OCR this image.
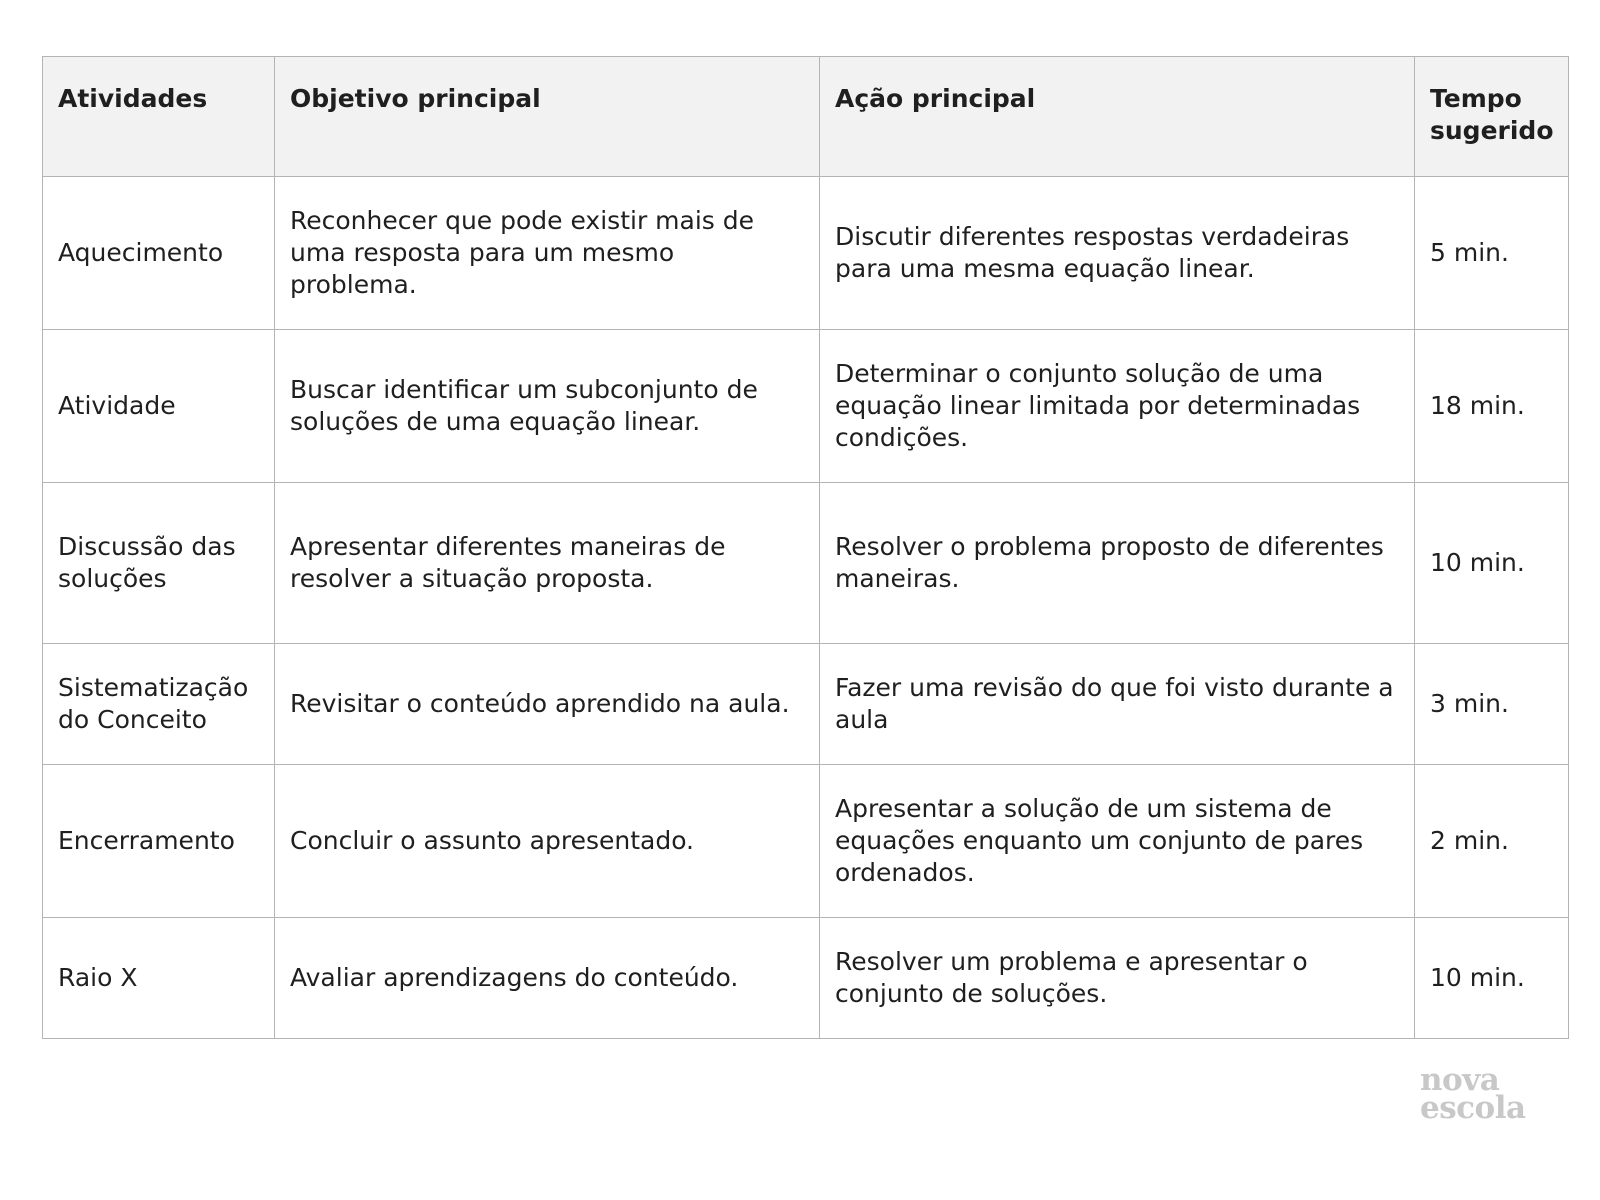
Atividades	Objetivo principal	Ação principal	Tempo sugerido
Aquecimento	Reconhecer que pode existir mais de uma resposta para um mesmo problema.	Discutir diferentes respostas verdadeiras para uma mesma equação linear.	5 min.
Atividade	Buscar identificar um subconjunto de soluções de uma equação linear.	Determinar o conjunto solução de uma equação linear limitada por determinadas condições.	18 min.
Discussão das soluções	Apresentar diferentes maneiras de resolver a situação proposta.	Resolver o problema proposto de diferentes maneiras.	10 min.
Sistematização do Conceito	Revisitar o conteúdo aprendido na aula.	Fazer uma revisão do que foi visto durante a aula	3 min.
Encerramento	Concluir o assunto apresentado.	Apresentar a solução de um sistema de equações enquanto um conjunto de pares ordenados.	2 min.
Raio X	Avaliar aprendizagens do conteúdo.	Resolver um problema e apresentar o conjunto de soluções.	10 min.
nova
escola
